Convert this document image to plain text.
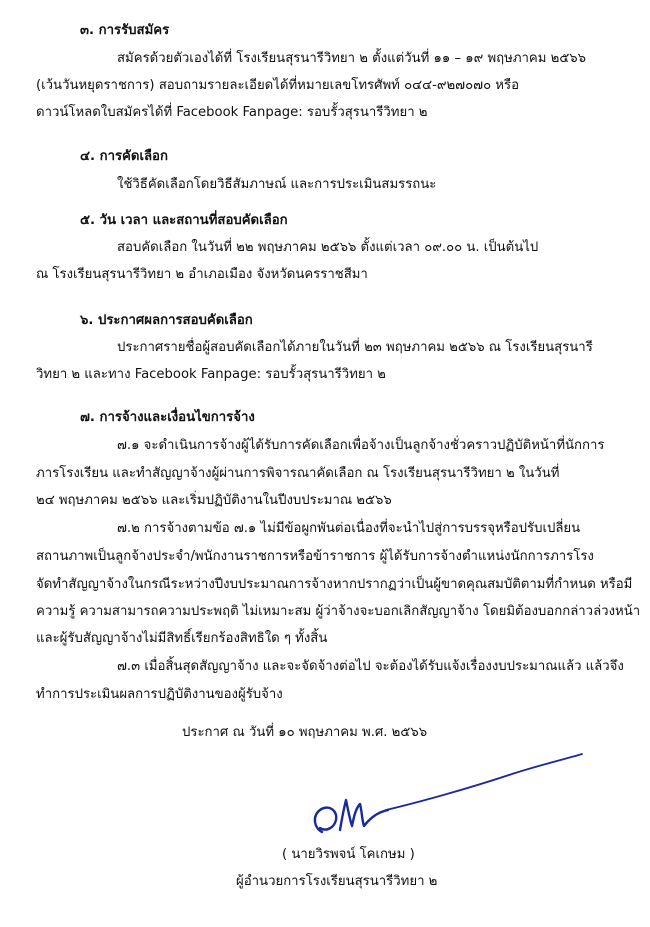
๓. การรับสมัคร
สมัครด้วยตัวเองได้ที่ โรงเรียนสุรนารีวิทยา ๒ ตั้งแต่วันที่ ๑๑ – ๑๙ พฤษภาคม ๒๕๖๖
(เว้นวันหยุดราชการ) สอบถามรายละเอียดได้ที่หมายเลขโทรศัพท์ ๐๔๔-๙๒๗๐๗๐ หรือ
ดาวน์โหลดใบสมัครได้ที่ Facebook Fanpage: รอบรั้วสุรนารีวิทยา ๒
๔. การคัดเลือก
ใช้วิธีคัดเลือกโดยวิธีสัมภาษณ์ และการประเมินสมรรถนะ
๕. วัน เวลา และสถานที่สอบคัดเลือก
สอบคัดเลือก ในวันที่ ๒๒ พฤษภาคม ๒๕๖๖ ตั้งแต่เวลา ๐๙.๐๐ น. เป็นต้นไป
ณ โรงเรียนสุรนารีวิทยา ๒ อำเภอเมือง จังหวัดนครราชสีมา
๖. ประกาศผลการสอบคัดเลือก
ประกาศรายชื่อผู้สอบคัดเลือกได้ภายในวันที่ ๒๓ พฤษภาคม ๒๕๖๖ ณ โรงเรียนสุรนารี
วิทยา ๒ และทาง Facebook Fanpage: รอบรั้วสุรนารีวิทยา ๒
๗. การจ้างและเงื่อนไขการจ้าง
๗.๑ จะดำเนินการจ้างผู้ได้รับการคัดเลือกเพื่อจ้างเป็นลูกจ้างชั่วคราวปฏิบัติหน้าที่นักการ
ภารโรงเรียน และทำสัญญาจ้างผู้ผ่านการพิจารณาคัดเลือก ณ โรงเรียนสุรนารีวิทยา ๒ ในวันที่
๒๔ พฤษภาคม ๒๕๖๖ และเริ่มปฏิบัติงานในปีงบประมาณ ๒๕๖๖
๗.๒ การจ้างตามข้อ ๗.๑ ไม่มีข้อผูกพันต่อเนื่องที่จะนำไปสู่การบรรจุหรือปรับเปลี่ยน
สถานภาพเป็นลูกจ้างประจำ/พนักงานราชการหรือข้าราชการ ผู้ได้รับการจ้างตำแหน่งนักการภารโรง
จัดทำสัญญาจ้างในกรณีระหว่างปีงบประมาณการจ้างหากปรากฏว่าเป็นผู้ขาดคุณสมบัติตามที่กำหนด หรือมี
ความรู้ ความสามารถความประพฤติ ไม่เหมาะสม ผู้ว่าจ้างจะบอกเลิกสัญญาจ้าง โดยมิต้องบอกกล่าวล่วงหน้า
และผู้รับสัญญาจ้างไม่มีสิทธิ์เรียกร้องสิทธิใด ๆ ทั้งสิ้น
๗.๓ เมื่อสิ้นสุดสัญญาจ้าง และจะจัดจ้างต่อไป จะต้องได้รับแจ้งเรื่องงบประมาณแล้ว แล้วจึง
ทำการประเมินผลการปฏิบัติงานของผู้รับจ้าง
ประกาศ ณ วันที่ ๑๐ พฤษภาคม พ.ศ. ๒๕๖๖
( นายวิรพจน์ โคเกษม )
ผู้อำนวยการโรงเรียนสุรนารีวิทยา ๒
